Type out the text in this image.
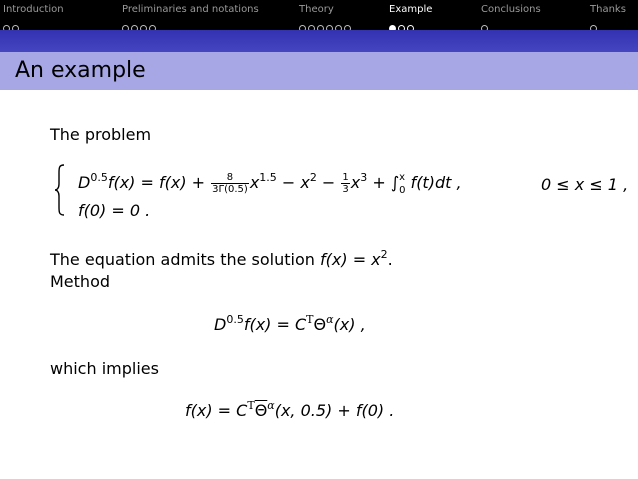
Introduction	Preliminaries and notations	Theory	Example	Conclusions	Thanks
An example
The problem
$D^{0.5}f(x) = f(x) + \frac{8}{3\Gamma(0.5)} x^{1.5} - x^2 - \frac{1}{3} x^3 + \int^x_0$ f(t)dt ,	0 ≤ x ≤ 1 ,
f(0) = 0 .
The equation admits the solution $f(x) = x^2$.
Method
$D^{0.5}f(x) = C^T\Theta^\alpha(x)$ ,
which implies
$f(x) = C^T\overline{\Theta}^\alpha(x$, 0.5) + f(0) .
